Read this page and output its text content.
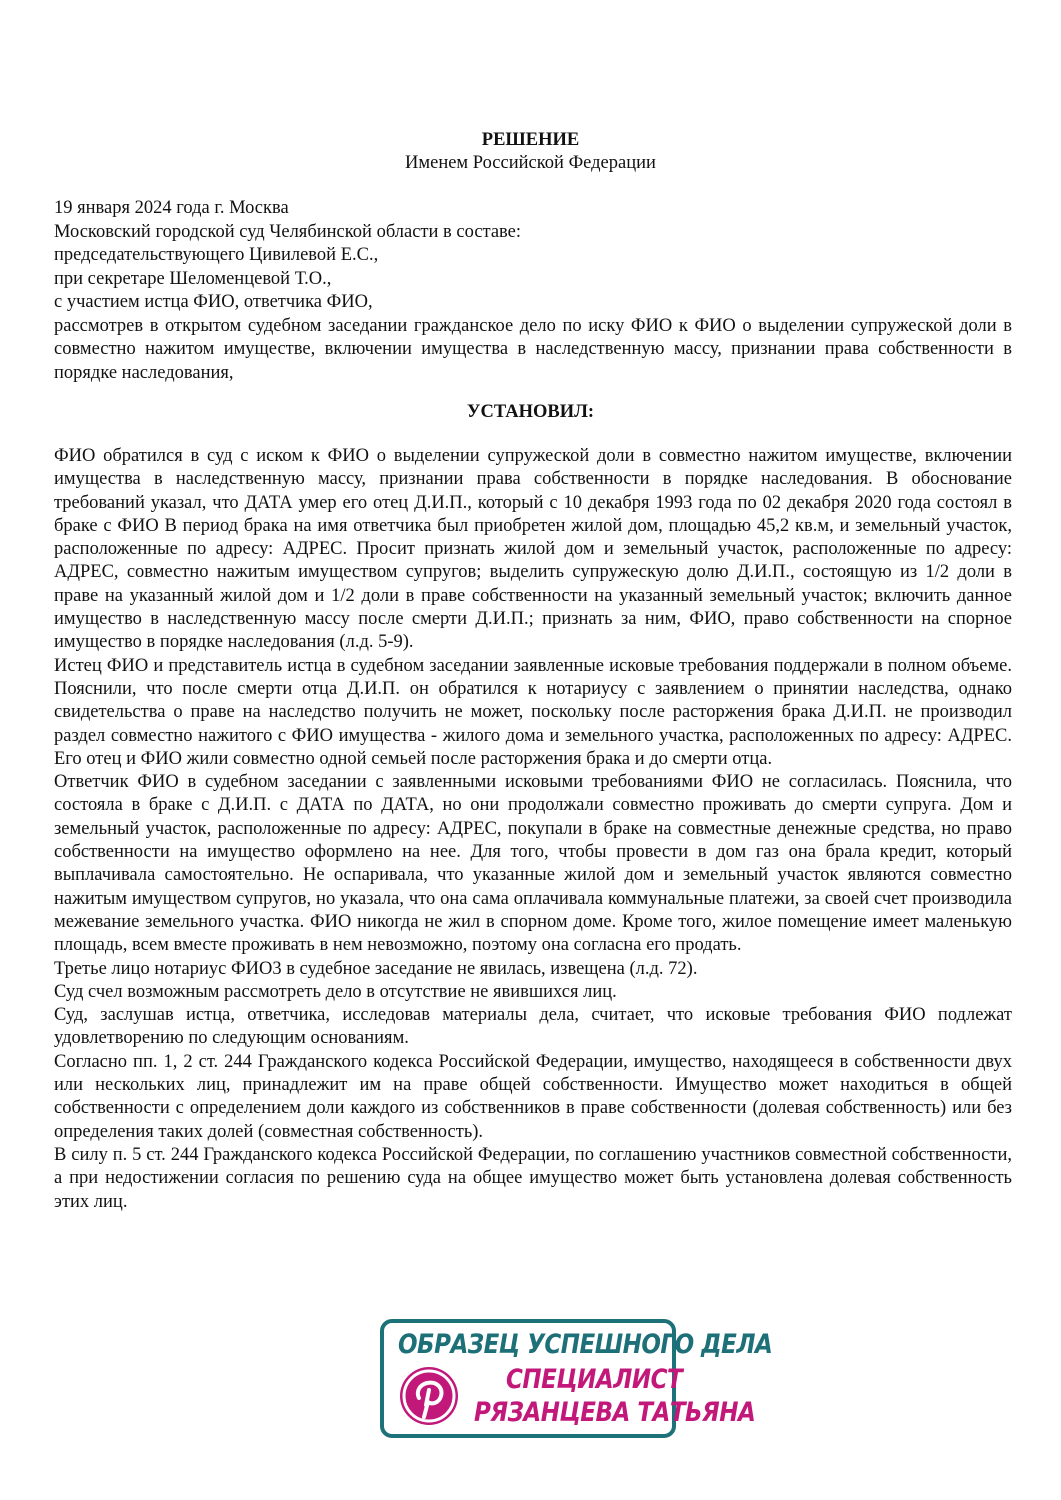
РЕШЕНИЕ
Именем Российской Федерации
19 января 2024 года г. Москва
Московский городской суд Челябинской области в составе:
председательствующего Цивилевой Е.С.,
при секретаре Шеломенцевой Т.О.,
с участием истца ФИО, ответчика ФИО,
рассмотрев в открытом судебном заседании гражданское дело по иску ФИО к ФИО о выделении супружеской доли в совместно нажитом имуществе, включении имущества в наследственную массу, признании права собственности в порядке наследования,
УСТАНОВИЛ:

ФИО обратился в суд с иском к ФИО о выделении супружеской доли в совместно нажитом имуществе, включении имущества в наследственную массу, признании права собственности в порядке наследования. В обоснование требований указал, что ДАТА умер его отец Д.И.П., который с 10 декабря 1993 года по 02 декабря 2020 года состоял в браке с ФИО В период брака на имя ответчика был приобретен жилой дом, площадью 45,2 кв.м, и земельный участок, расположенные по адресу: АДРЕС. Просит признать жилой дом и земельный участок, расположенные по адресу: АДРЕС, совместно нажитым имуществом супругов; выделить супружескую долю Д.И.П., состоящую из 1/2 доли в праве на указанный жилой дом и 1/2 доли в праве собственности на указанный земельный участок; включить данное имущество в наследственную массу после смерти Д.И.П.; признать за ним, ФИО, право собственности на спорное имущество в порядке наследования (л.д. 5-9).

Истец ФИО и представитель истца в судебном заседании заявленные исковые требования поддержали в полном объеме. Пояснили, что после смерти отца Д.И.П. он обратился к нотариусу с заявлением о принятии наследства, однако свидетельства о праве на наследство получить не может, поскольку после расторжения брака Д.И.П. не производил раздел совместно нажитого с ФИО имущества - жилого дома и земельного участка, расположенных по адресу: АДРЕС. Его отец и ФИО жили совместно одной семьей после расторжения брака и до смерти отца.

Ответчик ФИО в судебном заседании с заявленными исковыми требованиями ФИО не согласилась. Пояснила, что состояла в браке с Д.И.П. с ДАТА по ДАТА, но они продолжали совместно проживать до смерти супруга. Дом и земельный участок, расположенные по адресу: АДРЕС, покупали в браке на совместные денежные средства, но право собственности на имущество оформлено на нее. Для того, чтобы провести в дом газ она брала кредит, который выплачивала самостоятельно. Не оспаривала, что указанные жилой дом и земельный участок являются совместно нажитым имуществом супругов, но указала, что она сама оплачивала коммунальные платежи, за своей счет производила межевание земельного участка. ФИО никогда не жил в спорном доме. Кроме того, жилое помещение имеет маленькую площадь, всем вместе проживать в нем невозможно, поэтому она согласна его продать.

Третье лицо нотариус ФИО3 в судебное заседание не явилась, извещена (л.д. 72).

Суд счел возможным рассмотреть дело в отсутствие не явившихся лиц.

Суд, заслушав истца, ответчика, исследовав материалы дела, считает, что исковые требования ФИО подлежат удовлетворению по следующим основаниям.

Согласно пп. 1, 2 ст. 244 Гражданского кодекса Российской Федерации, имущество, находящееся в собственности двух или нескольких лиц, принадлежит им на праве общей собственности. Имущество может находиться в общей собственности с определением доли каждого из собственников в праве собственности (долевая собственность) или без определения таких долей (совместная собственность).

В силу п. 5 ст. 244 Гражданского кодекса Российской Федерации, по соглашению участников совместной собственности, а при недостижении согласия по решению суда на общее имущество может быть установлена долевая собственность этих лиц.

ОБРАЗЕЦ УСПЕШНОГО ДЕЛА
СПЕЦИАЛИСТ
РЯЗАНЦЕВА ТАТЬЯНА
